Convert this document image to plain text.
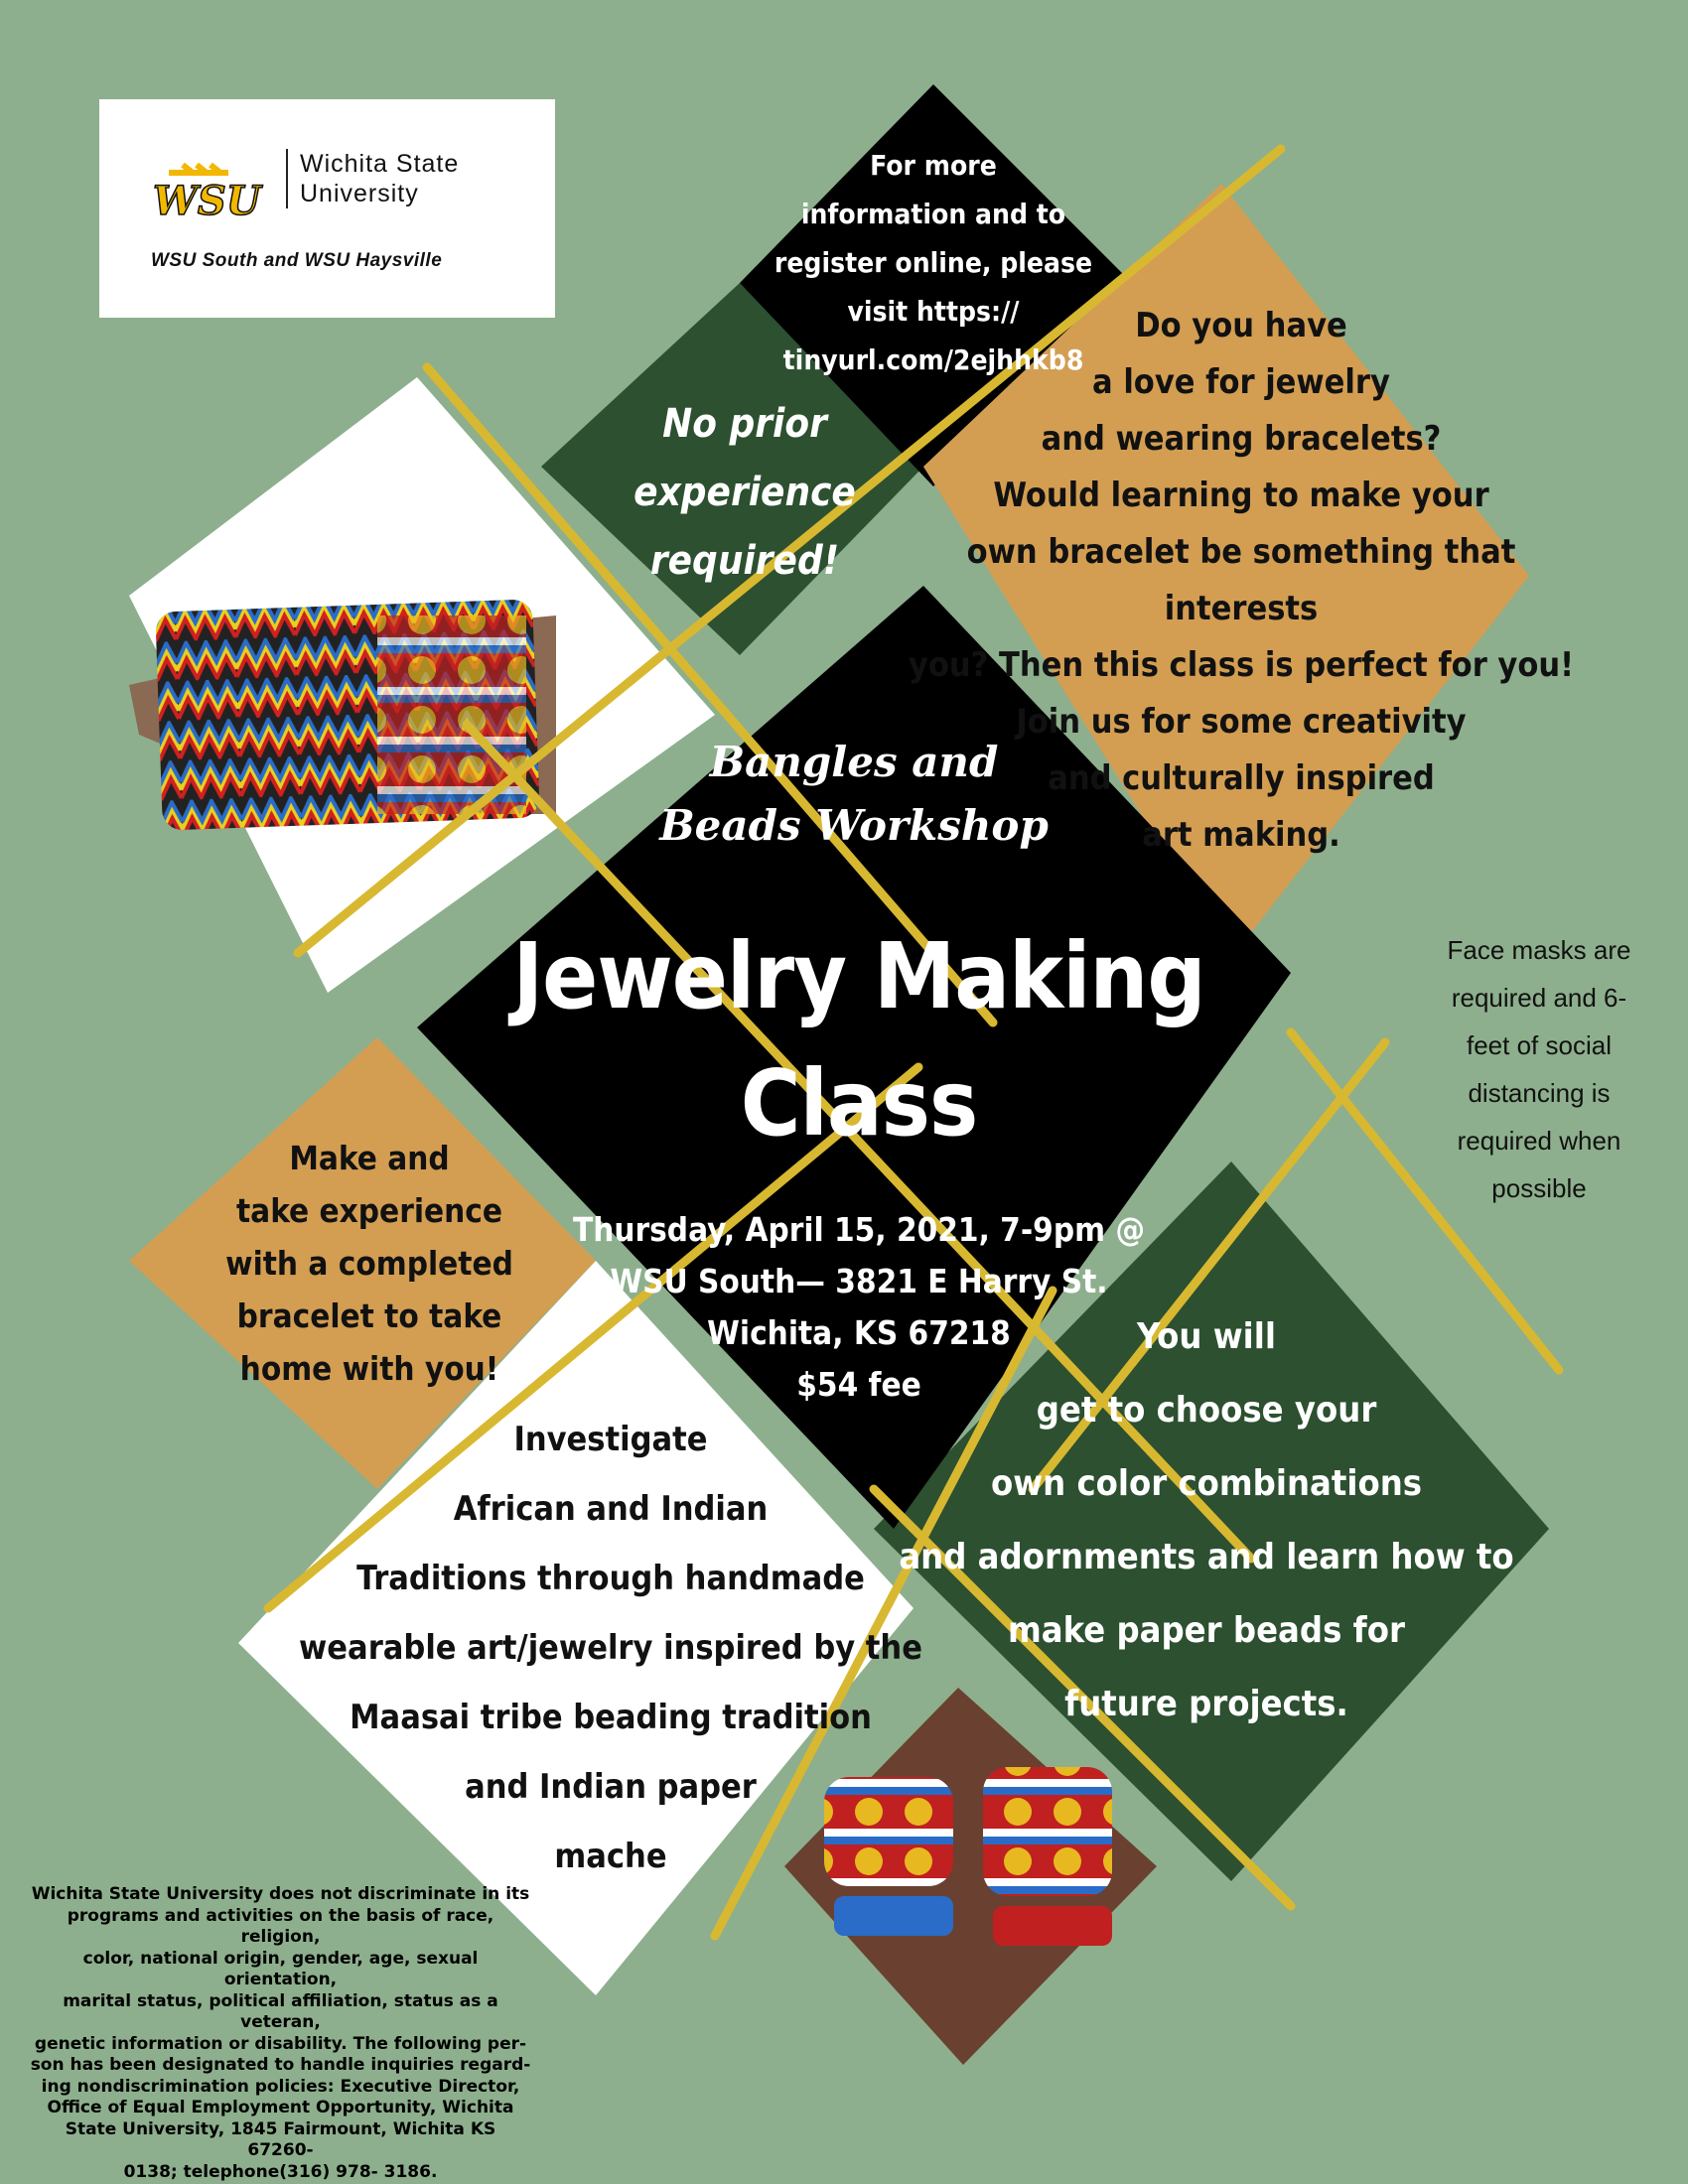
WSU
Wichita State
University
WSU South and WSU Haysville
For more
information and to
register online, please
visit https://
tinyurl.com/2ejhhkb8
No prior
experience
required!
Do you have
a love for jewelry
and wearing bracelets?
Would learning to make your
own bracelet be something that interests
you? Then this class is perfect for you!
Join us for some creativity
and culturally inspired
art making.
Bangles and
Beads Workshop
Jewelry Making
Class
Thursday, April 15, 2021, 7-9pm @
WSU South— 3821 E Harry St.
Wichita, KS 67218
$54 fee
Face masks are
required and 6-
feet of social
distancing is
required when
possible
Make and
take experience
with a completed
bracelet to take
home with you!
Investigate
African and Indian
Traditions through handmade
wearable art/jewelry inspired by the
Maasai tribe beading tradition
and Indian paper
mache
You will
get to choose your
own color combinations
and adornments and learn how to
make paper beads for
future projects.
Wichita State University does not discriminate in its
programs and activities on the basis of race, religion,
color, national origin, gender, age, sexual orientation,
marital status, political affiliation, status as a veteran,
genetic information or disability. The following per-
son has been designated to handle inquiries regard-
ing nondiscrimination policies: Executive Director,
Office of Equal Employment Opportunity, Wichita
State University, 1845 Fairmount, Wichita KS 67260-
0138; telephone(316) 978- 3186.
